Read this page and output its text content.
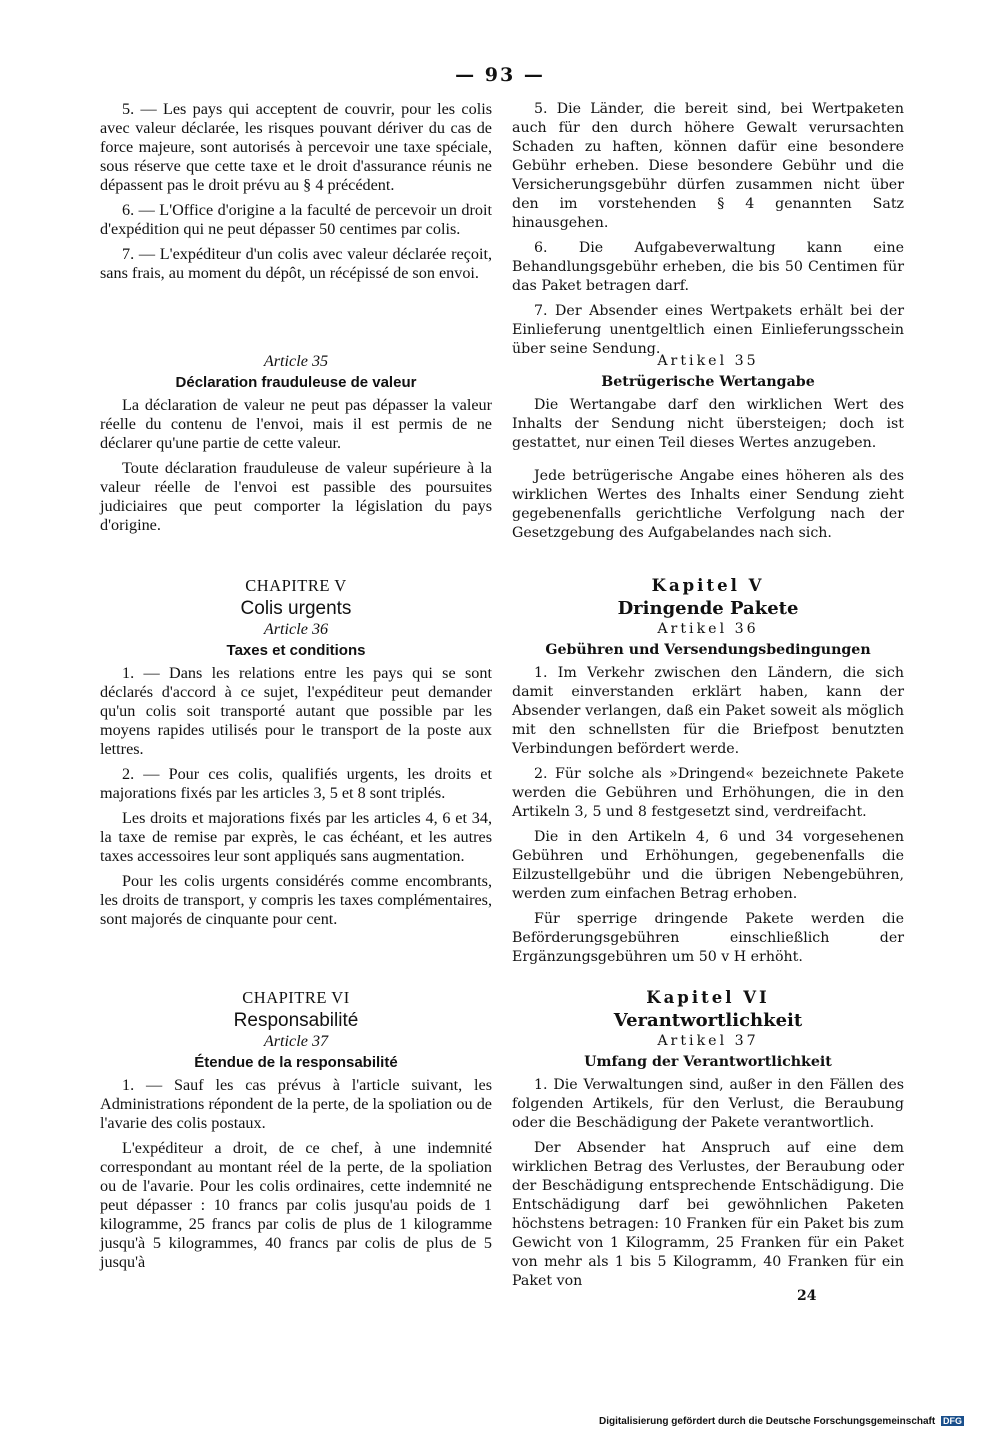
— 93 —

5. — Les pays qui acceptent de couvrir, pour les colis avec valeur déclarée, les risques pouvant dériver du cas de force majeure, sont autorisés à percevoir une taxe spéciale, sous réserve que cette taxe et le droit d'assurance réunis ne dépassent pas le droit prévu au § 4 précédent.

6. — L'Office d'origine a la faculté de percevoir un droit d'expédition qui ne peut dépasser 50 centimes par colis.

7. — L'expéditeur d'un colis avec valeur déclarée reçoit, sans frais, au moment du dépôt, un récépissé de son envoi.

Article 35
Déclaration frauduleuse de valeur

La déclaration de valeur ne peut pas dépasser la valeur réelle du contenu de l'envoi, mais il est permis de ne déclarer qu'une partie de cette valeur.

Toute déclaration frauduleuse de valeur supérieure à la valeur réelle de l'envoi est passible des poursuites judiciaires que peut comporter la législation du pays d'origine.

CHAPITRE V
Colis urgents
Article 36
Taxes et conditions

1. — Dans les relations entre les pays qui se sont déclarés d'accord à ce sujet, l'expéditeur peut demander qu'un colis soit transporté autant que possible par les moyens rapides utilisés pour le transport de la poste aux lettres.

2. — Pour ces colis, qualifiés urgents, les droits et majorations fixés par les articles 3, 5 et 8 sont triplés.

Les droits et majorations fixés par les articles 4, 6 et 34, la taxe de remise par exprès, le cas échéant, et les autres taxes accessoires leur sont appliqués sans augmentation.

Pour les colis urgents considérés comme encombrants, les droits de transport, y compris les taxes complémentaires, sont majorés de cinquante pour cent.

CHAPITRE VI
Responsabilité
Article 37
Étendue de la responsabilité

1. — Sauf les cas prévus à l'article suivant, les Administrations répondent de la perte, de la spoliation ou de l'avarie des colis postaux.

L'expéditeur a droit, de ce chef, à une indemnité correspondant au montant réel de la perte, de la spoliation ou de l'avarie. Pour les colis ordinaires, cette indemnité ne peut dépasser : 10 francs par colis jusqu'au poids de 1 kilogramme, 25 francs par colis de plus de 1 kilogramme jusqu'à 5 kilogrammes, 40 francs par colis de plus de 5 jusqu'à

5. Die Länder, die bereit sind, bei Wertpaketen auch für den durch höhere Gewalt verursachten Schaden zu haften, können dafür eine besondere Gebühr erheben. Diese besondere Gebühr und die Versicherungsgebühr dürfen zusammen nicht über den im vorstehenden § 4 genannten Satz hinausgehen.

6. Die Aufgabeverwaltung kann eine Behandlungsgebühr erheben, die bis 50 Centimen für das Paket betragen darf.

7. Der Absender eines Wertpakets erhält bei der Einlieferung unentgeltlich einen Einlieferungsschein über seine Sendung.

Artikel 35
Betrügerische Wertangabe

Die Wertangabe darf den wirklichen Wert des Inhalts der Sendung nicht übersteigen; doch ist gestattet, nur einen Teil dieses Wertes anzugeben.

Jede betrügerische Angabe eines höheren als des wirklichen Wertes des Inhalts einer Sendung zieht gegebenenfalls gerichtliche Verfolgung nach der Gesetzgebung des Aufgabelandes nach sich.

Kapitel V
Dringende Pakete
Artikel 36
Gebühren und Versendungsbedingungen

1. Im Verkehr zwischen den Ländern, die sich damit einverstanden erklärt haben, kann der Absender verlangen, daß ein Paket soweit als möglich mit den schnellsten für die Briefpost benutzten Verbindungen befördert werde.

2. Für solche als »Dringend« bezeichnete Pakete werden die Gebühren und Erhöhungen, die in den Artikeln 3, 5 und 8 festgesetzt sind, verdreifacht.

Die in den Artikeln 4, 6 und 34 vorgesehenen Gebühren und Erhöhungen, gegebenenfalls die Eilzustellgebühr und die übrigen Nebengebühren, werden zum einfachen Betrag erhoben.

Für sperrige dringende Pakete werden die Beförderungsgebühren einschließlich der Ergänzungsgebühren um 50 v H erhöht.

Kapitel VI
Verantwortlichkeit
Artikel 37
Umfang der Verantwortlichkeit

1. Die Verwaltungen sind, außer in den Fällen des folgenden Artikels, für den Verlust, die Beraubung oder die Beschädigung der Pakete verantwortlich.

Der Absender hat Anspruch auf eine dem wirklichen Betrag des Verlustes, der Beraubung oder der Beschädigung entsprechende Entschädigung. Die Entschädigung darf bei gewöhnlichen Paketen höchstens betragen: 10 Franken für ein Paket bis zum Gewicht von 1 Kilogramm, 25 Franken für ein Paket von mehr als 1 bis 5 Kilogramm, 40 Franken für ein Paket von

24
Digitalisierung gefördert durch die Deutsche Forschungsgemeinschaft DFG
